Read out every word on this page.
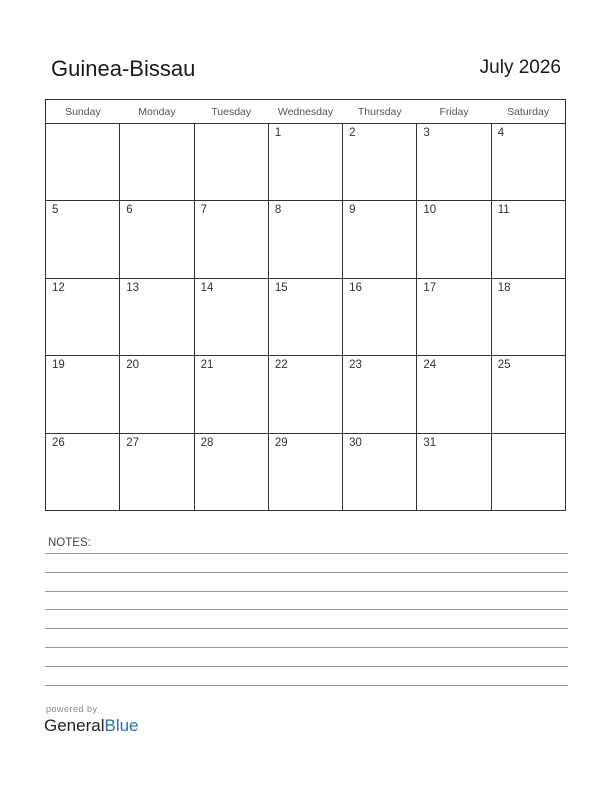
Guinea-Bissau	July 2026
Sunday	Monday	Tuesday	Wednesday	Thursday	Friday	Saturday

			1	2	3	4

5	6	7	8	9	10	11

12	13	14	15	16	17	18

19	20	21	22	23	24	25

26	27	28	29	30	31	

NOTES:
powered by
GeneralBlue
